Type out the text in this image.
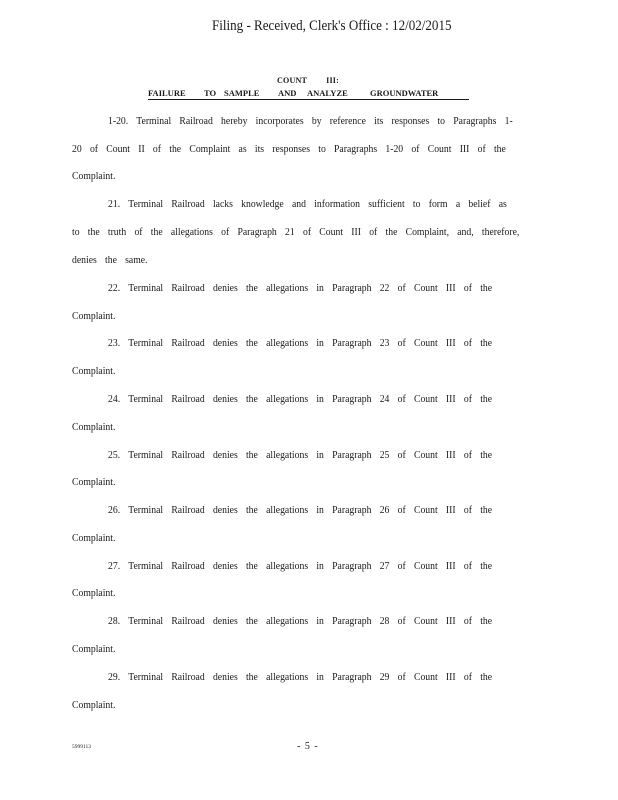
Filing - Received, Clerk's Office : 12/02/2015
COUNT III:
FAILURE TO SAMPLE AND ANALYZE	GROUNDWATER
1-20. Terminal Railroad hereby incorporates by reference its responses to Paragraphs 1-
20 of Count II of the Complaint as its responses to Paragraphs 1-20 of Count III of the
Complaint.
21. Terminal Railroad lacks knowledge and information sufficient to form a belief as
to the truth of the allegations of Paragraph 21 of Count III of the Complaint, and, therefore,
denies the same.
22. Terminal Railroad denies the allegations in Paragraph 22 of Count III of the
Complaint.
23. Terminal Railroad denies the allegations in Paragraph 23 of Count III of the
Complaint.
24. Terminal Railroad denies the allegations in Paragraph 24 of Count III of the
Complaint.
25. Terminal Railroad denies the allegations in Paragraph 25 of Count III of the
Complaint.
26. Terminal Railroad denies the allegations in Paragraph 26 of Count III of the
Complaint.
27. Terminal Railroad denies the allegations in Paragraph 27 of Count III of the
Complaint.
28. Terminal Railroad denies the allegations in Paragraph 28 of Count III of the
Complaint.
29. Terminal Railroad denies the allegations in Paragraph 29 of Count III of the
Complaint.
5999113	- 5 -
